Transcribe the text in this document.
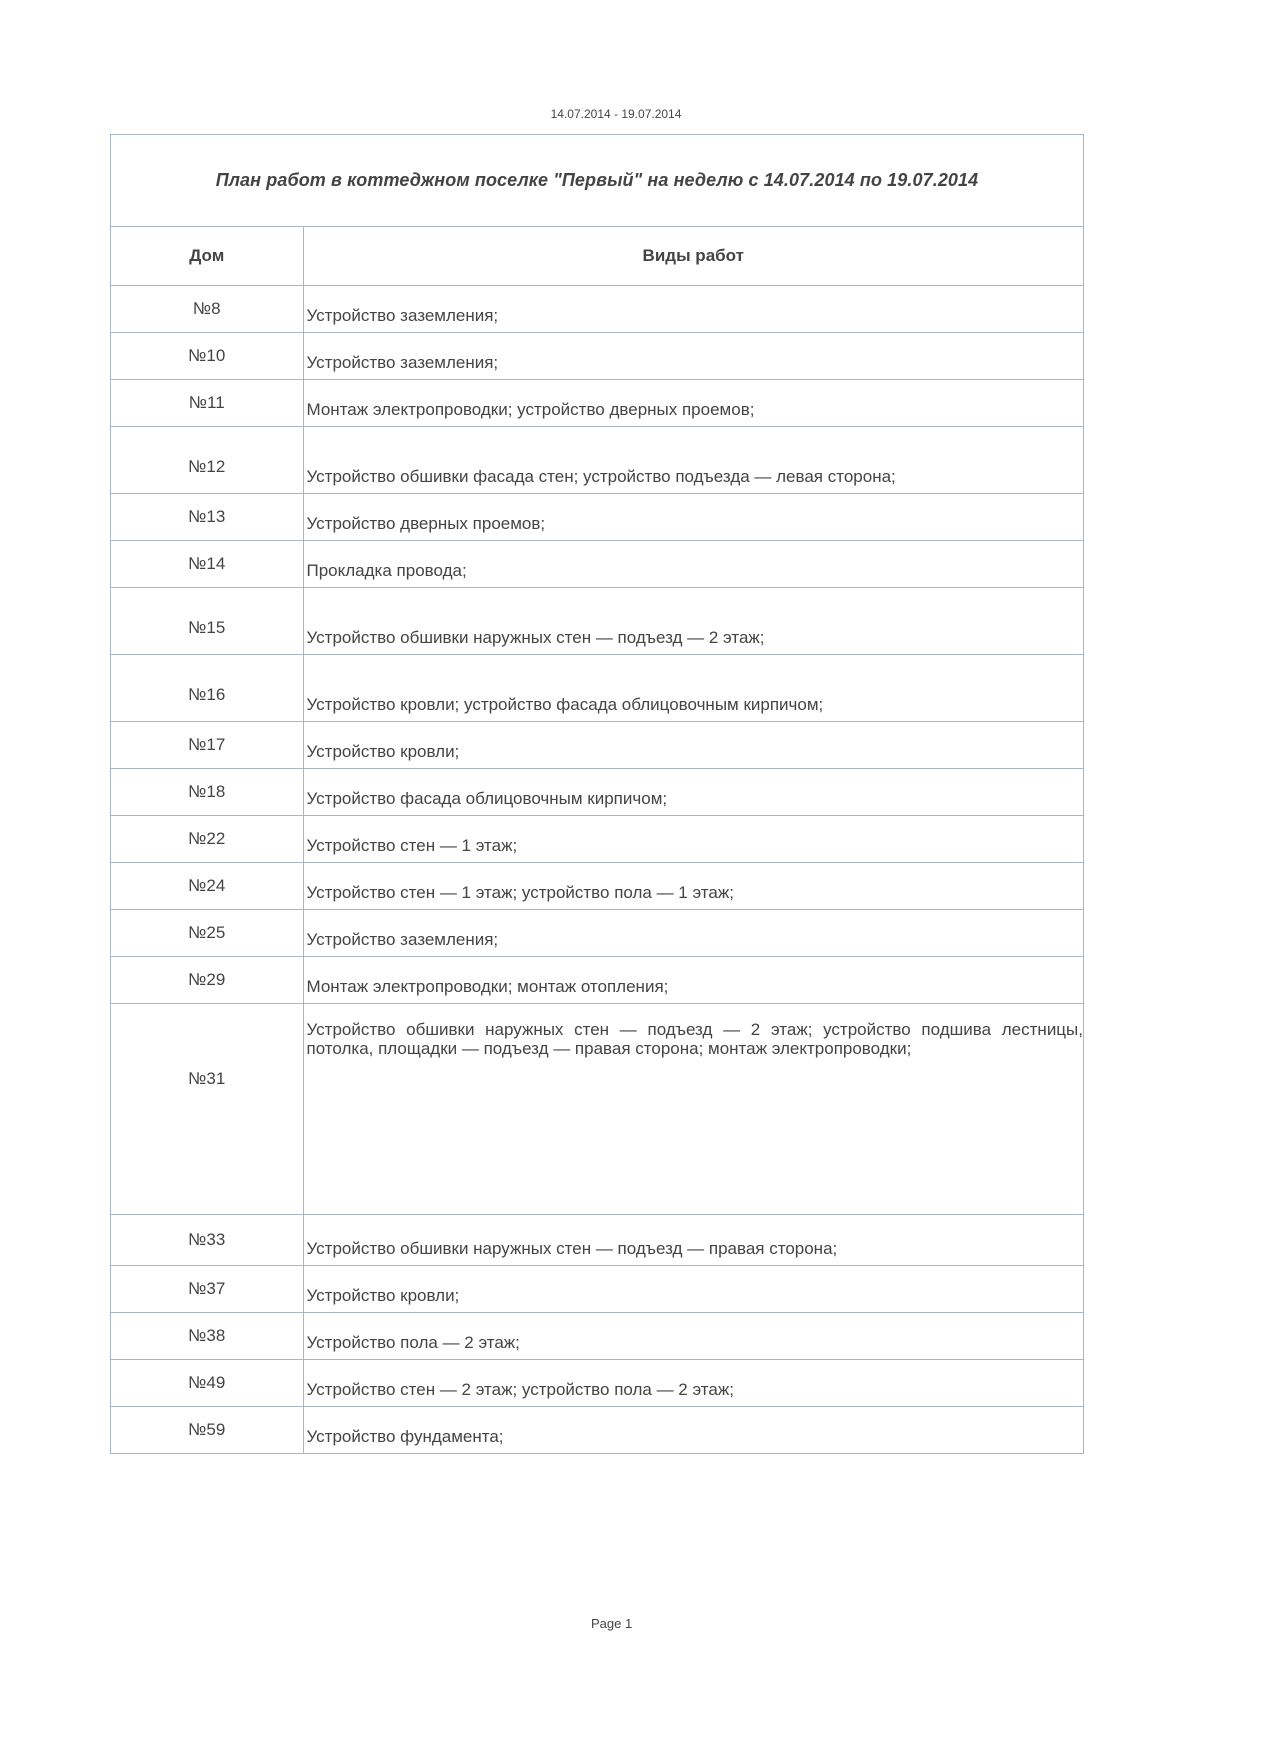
14.07.2014 - 19.07.2014
План работ в коттеджном поселке "Первый" на неделю с 14.07.2014 по 19.07.2014
Дом	Виды работ
№8	Устройство заземления;
№10	Устройство заземления;
№11	Монтаж электропроводки; устройство дверных проемов;
№12	Устройство обшивки фасада стен; устройство подъезда — левая сторона;
№13	Устройство дверных проемов;
№14	Прокладка провода;
№15	Устройство обшивки наружных стен — подъезд — 2 этаж;
№16	Устройство кровли; устройство фасада облицовочным кирпичом;
№17	Устройство кровли;
№18	Устройство фасада облицовочным кирпичом;
№22	Устройство стен — 1 этаж;
№24	Устройство стен — 1 этаж; устройство пола — 1 этаж;
№25	Устройство заземления;
№29	Монтаж электропроводки; монтаж отопления;
№31	Устройство обшивки наружных стен — подъезд — 2 этаж; устройство подшива лестницы, потолка, площадки — подъезд — правая сторона; монтаж электропроводки;
№33	Устройство обшивки наружных стен — подъезд — правая сторона;
№37	Устройство кровли;
№38	Устройство пола — 2 этаж;
№49	Устройство стен — 2 этаж; устройство пола — 2 этаж;
№59	Устройство фундамента;
Page 1
